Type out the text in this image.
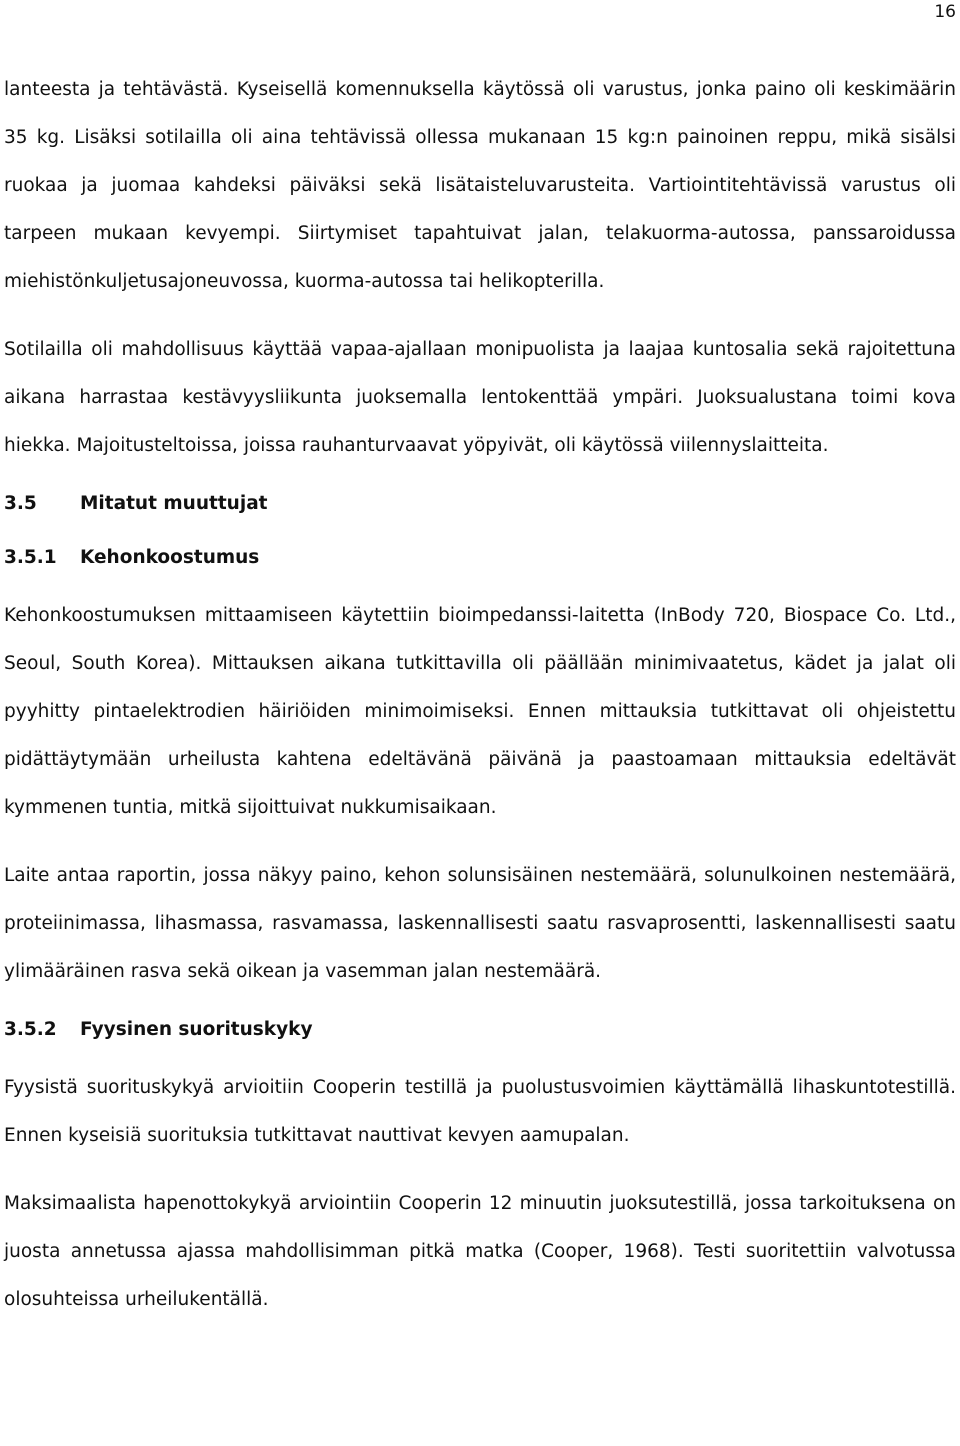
16

lanteesta ja tehtävästä. Kyseisellä komennuksella käytössä oli varustus, jonka paino oli keskimäärin 35 kg. Lisäksi sotilailla oli aina tehtävissä ollessa mukanaan 15 kg:n painoinen reppu, mikä sisälsi ruokaa ja juomaa kahdeksi päiväksi sekä lisätaisteluvarusteita. Vartiointitehtävissä varustus oli tarpeen mukaan kevyempi. Siirtymiset tapahtuivat jalan, telakuorma-autossa, panssaroidussa miehistönkuljetusajoneuvossa, kuorma-autossa tai helikopterilla.

Sotilailla oli mahdollisuus käyttää vapaa-ajallaan monipuolista ja laajaa kuntosalia sekä rajoitettuna aikana harrastaa kestävyysliikunta juoksemalla lentokenttää ympäri. Juoksualustana toimi kova hiekka. Majoitusteltoissa, joissa rauhanturvaavat yöpyivät, oli käytössä viilennyslaitteita.

3.5 Mitatut muuttujat
3.5.1 Kehonkoostumus

Kehonkoostumuksen mittaamiseen käytettiin bioimpedanssi-laitetta (InBody 720, Biospace Co. Ltd., Seoul, South Korea). Mittauksen aikana tutkittavilla oli päällään minimivaatetus, kädet ja jalat oli pyyhitty pintaelektrodien häiriöiden minimoimiseksi. Ennen mittauksia tutkittavat oli ohjeistettu pidättäytymään urheilusta kahtena edeltävänä päivänä ja paastoamaan mittauksia edeltävät kymmenen tuntia, mitkä sijoittuivat nukkumisaikaan.

Laite antaa raportin, jossa näkyy paino, kehon solunsisäinen nestemäärä, solunulkoinen nestemäärä, proteiinimassa, lihasmassa, rasvamassa, laskennallisesti saatu rasvaprosentti, laskennallisesti saatu ylimääräinen rasva sekä oikean ja vasemman jalan nestemäärä.

3.5.2 Fyysinen suorituskyky

Fyysistä suorituskykyä arvioitiin Cooperin testillä ja puolustusvoimien käyttämällä lihaskuntotestillä. Ennen kyseisiä suorituksia tutkittavat nauttivat kevyen aamupalan.

Maksimaalista hapenottokykyä arviointiin Cooperin 12 minuutin juoksutestillä, jossa tarkoituksena on juosta annetussa ajassa mahdollisimman pitkä matka (Cooper, 1968). Testi suoritettiin valvotussa olosuhteissa urheilukentällä.
